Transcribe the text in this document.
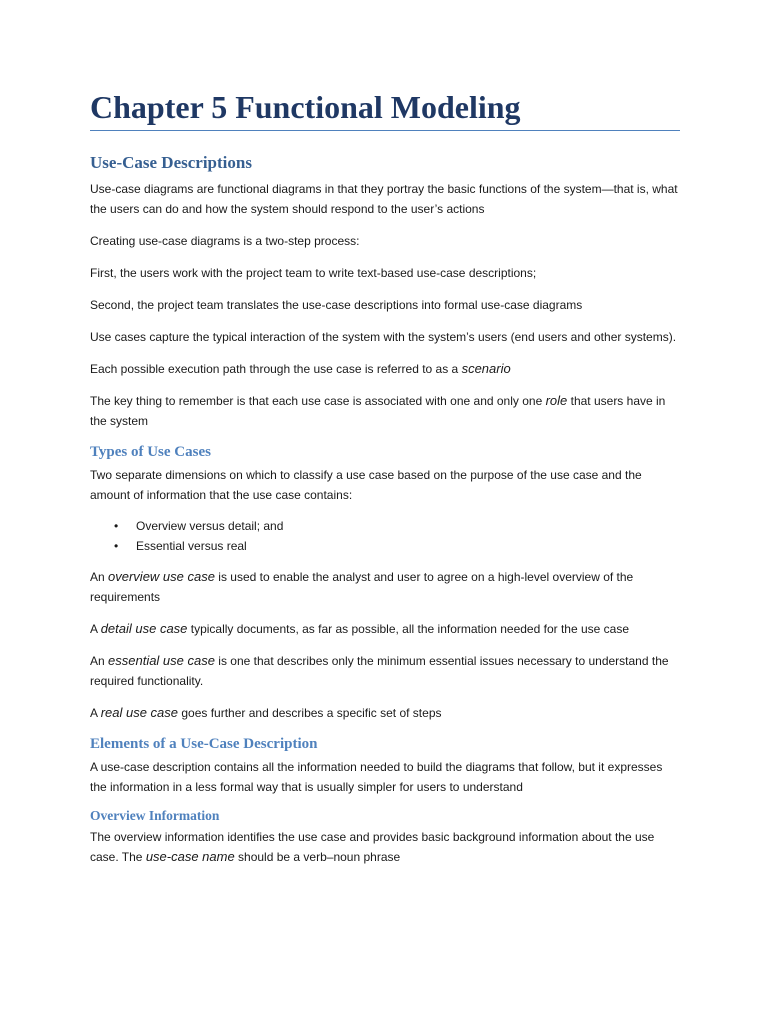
Chapter 5 Functional Modeling
Use-Case Descriptions

Use-case diagrams are functional diagrams in that they portray the basic functions of the system—that is, what the users can do and how the system should respond to the user’s actions

Creating use-case diagrams is a two-step process:

First, the users work with the project team to write text-based use-case descriptions;

Second, the project team translates the use-case descriptions into formal use-case diagrams

Use cases capture the typical interaction of the system with the system’s users (end users and other systems).

Each possible execution path through the use case is referred to as a scenario

The key thing to remember is that each use case is associated with one and only one role that users have in the system

Types of Use Cases

Two separate dimensions on which to classify a use case based on the purpose of the use case and the amount of information that the use case contains:

• Overview versus detail; and
• Essential versus real

An overview use case is used to enable the analyst and user to agree on a high-level overview of the requirements

A detail use case typically documents, as far as possible, all the information needed for the use case

An essential use case is one that describes only the minimum essential issues necessary to understand the required functionality.

A real use case goes further and describes a specific set of steps

Elements of a Use-Case Description

A use-case description contains all the information needed to build the diagrams that follow, but it expresses the information in a less formal way that is usually simpler for users to understand

Overview Information

The overview information identifies the use case and provides basic background information about the use case. The use-case name should be a verb–noun phrase
